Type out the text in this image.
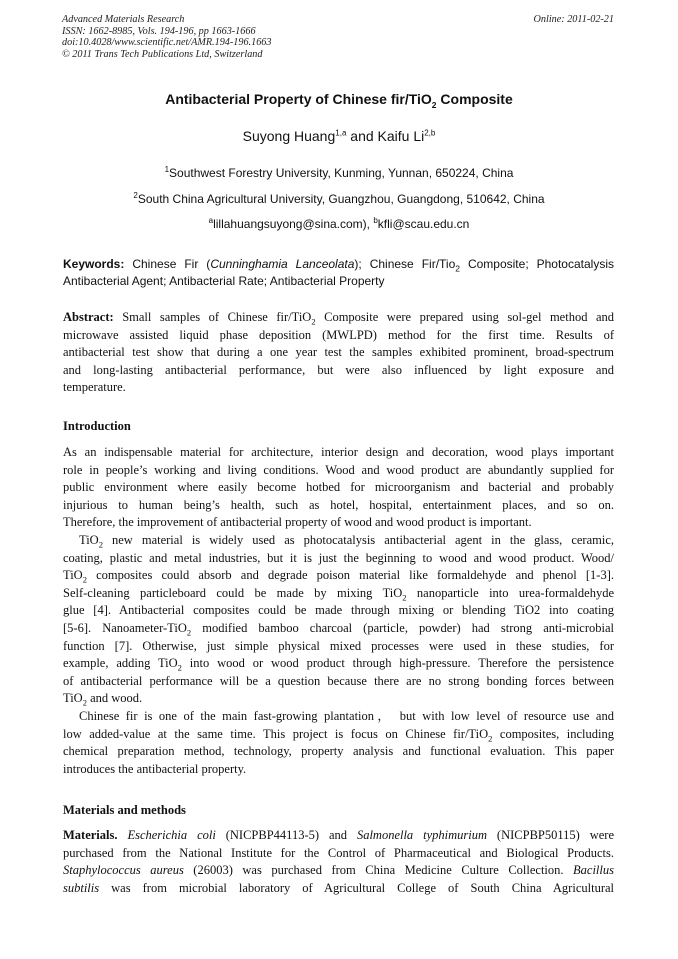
Advanced Materials Research
ISSN: 1662-8985, Vols. 194-196, pp 1663-1666
doi:10.4028/www.scientific.net/AMR.194-196.1663
© 2011 Trans Tech Publications Ltd, Switzerland
Online: 2011-02-21
Antibacterial Property of Chinese fir/TiO$_2$ Composite
Suyong Huang$^{1,a}$ and Kaifu Li$^{2,b}$
$^1$Southwest Forestry University, Kunming, Yunnan, 650224, China
$^2$South China Agricultural University, Guangzhou, Guangdong, 510642, China
$^a$lillahuangsuyong@sina.com), $^b$kfli@scau.edu.cn

Keywords: Chinese Fir (Cunninghamia Lanceolata); Chinese Fir/Tio$_2$ Composite; Photocatalysis

Antibacterial Agent; Antibacterial Rate; Antibacterial Property

Abstract: Small samples of Chinese fir/TiO$_2$ Composite were prepared using sol-gel method and

microwave assisted liquid phase deposition (MWLPD) method for the first time. Results of

antibacterial test show that during a one year test the samples exhibited prominent, broad-spectrum

and long-lasting antibacterial performance, but were also influenced by light exposure and

temperature.

Introduction

As an indispensable material for architecture, interior design and decoration, wood plays important

role in people’s working and living conditions. Wood and wood product are abundantly supplied for

public environment where easily become hotbed for microorganism and bacterial and probably

injurious to human being’s health, such as hotel, hospital, entertainment places, and so on.

Therefore, the improvement of antibacterial property of wood and wood product is important.

TiO$_2$ new material is widely used as photocatalysis antibacterial agent in the glass, ceramic,

coating, plastic and metal industries, but it is just the beginning to wood and wood product. Wood/

TiO$_2$ composites could absorb and degrade poison material like formaldehyde and phenol [1-3].

Self-cleaning particleboard could be made by mixing TiO$_2$ nanoparticle into urea-formaldehyde

glue [4]. Antibacterial composites could be made through mixing or blending TiO2 into coating

[5-6]. Nanoameter-TiO$_2$ modified bamboo charcoal (particle, powder) had strong anti-microbial

function [7]. Otherwise, just simple physical mixed processes were used in these studies, for

example, adding TiO$_2$ into wood or wood product through high-pressure. Therefore the persistence

of antibacterial performance will be a question because there are no strong bonding forces between

TiO$_2$ and wood.

Chinese fir is one of the main fast-growing plantation， but with low level of resource use and

low added-value at the same time. This project is focus on Chinese fir/TiO$_2$ composites, including

chemical preparation method, technology, property analysis and functional evaluation. This paper

introduces the antibacterial property.

Materials and methods

Materials. Escherichia coli (NICPBP44113-5) and Salmonella typhimurium (NICPBP50115) were

purchased from the National Institute for the Control of Pharmaceutical and Biological Products.

Staphylococcus aureus (26003) was purchased from China Medicine Culture Collection. Bacillus

subtilis was from microbial laboratory of Agricultural College of South China Agricultural
